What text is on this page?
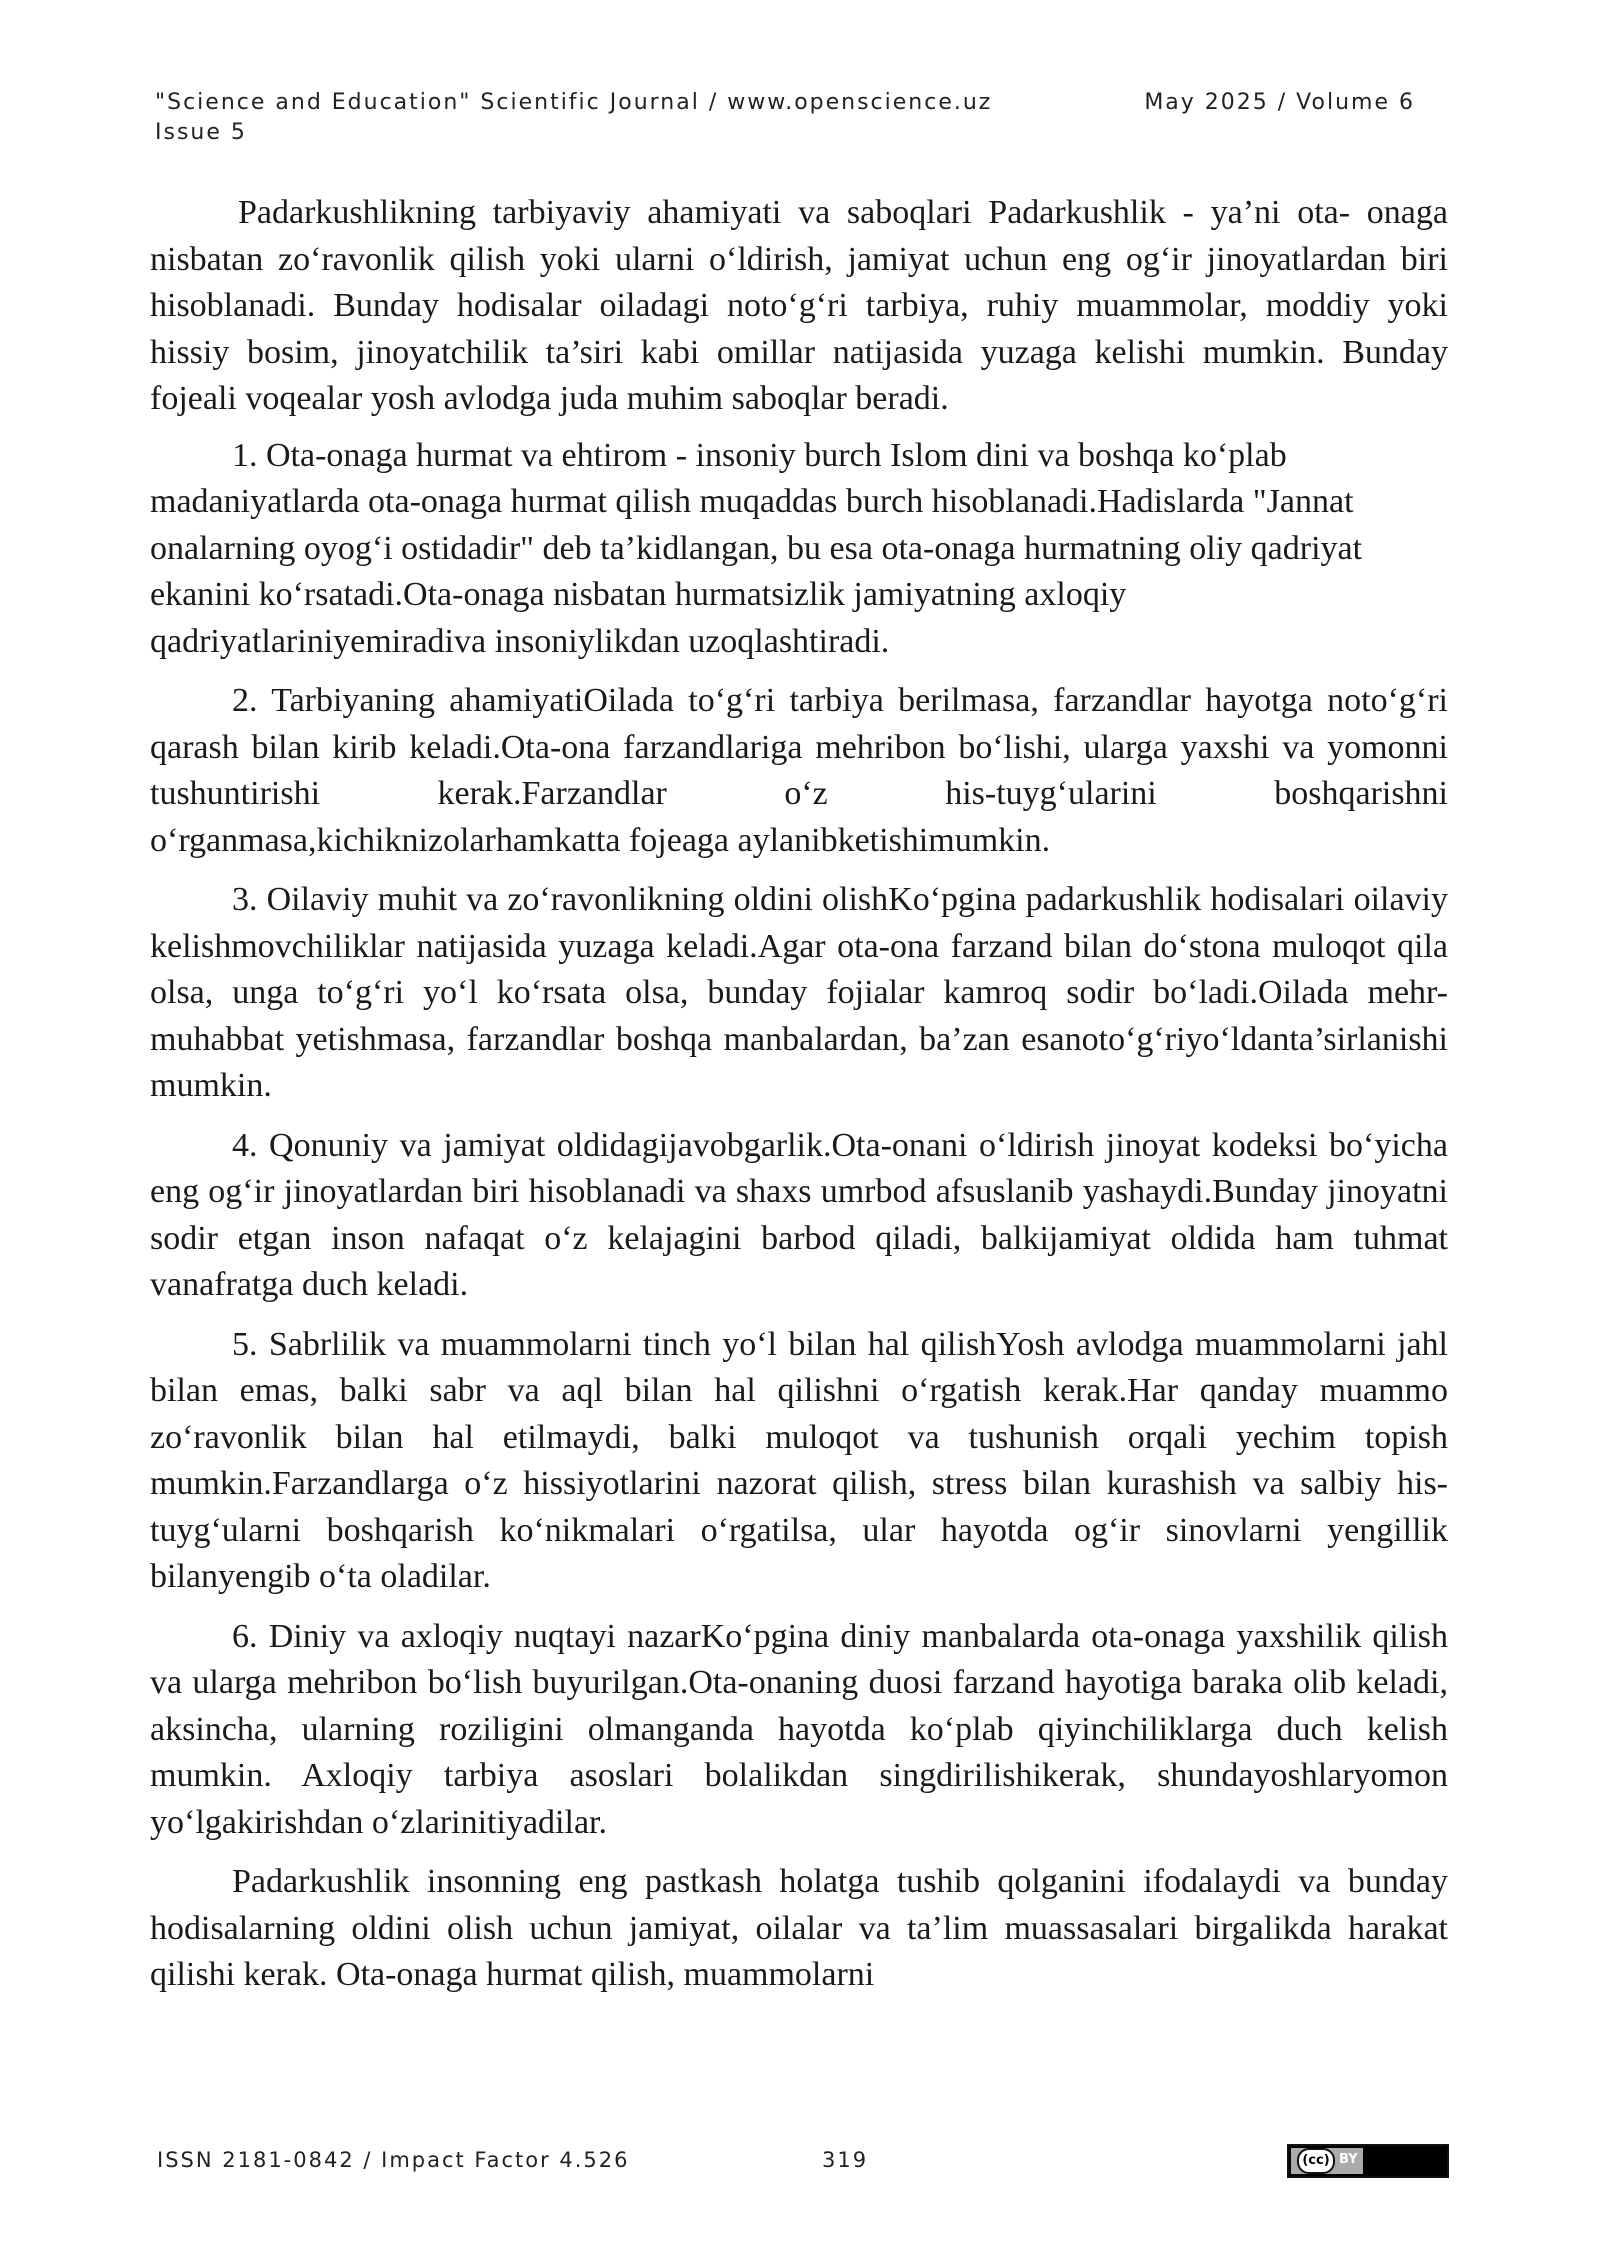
"Science and Education" Scientific Journal / www.openscience.uz	May 2025 / Volume 6
Issue 5

Padarkushlikning tarbiyaviy ahamiyati va saboqlari Padarkushlik - ya’ni ota- onaga nisbatan zo‘ravonlik qilish yoki ularni o‘ldirish, jamiyat uchun eng og‘ir jinoyatlardan biri hisoblanadi. Bunday hodisalar oiladagi noto‘g‘ri tarbiya, ruhiy muammolar, moddiy yoki hissiy bosim, jinoyatchilik ta’siri kabi omillar natijasida yuzaga kelishi mumkin. Bunday fojeali voqealar yosh avlodga juda muhim saboqlar beradi.

1. Ota-onaga hurmat va ehtirom - insoniy burch Islom dini va boshqa ko‘plab madaniyatlarda ota-onaga hurmat qilish muqaddas burch hisoblanadi.Hadislarda "Jannat onalarning oyog‘i ostidadir" deb ta’kidlangan, bu esa ota-onaga hurmatning oliy qadriyat ekanini ko‘rsatadi.Ota-onaga nisbatan hurmatsizlik jamiyatning axloqiy qadriyatlariniyemiradiva insoniylikdan uzoqlashtiradi.

2. Tarbiyaning ahamiyatiOilada to‘g‘ri tarbiya berilmasa, farzandlar hayotga noto‘g‘ri qarash bilan kirib keladi.Ota-ona farzandlariga mehribon bo‘lishi, ularga yaxshi va yomonni tushuntirishi kerak.Farzandlar o‘z his-tuyg‘ularini boshqarishni o‘rganmasa,kichiknizolarhamkatta fojeaga aylanibketishimumkin.

3. Oilaviy muhit va zo‘ravonlikning oldini olishKo‘pgina padarkushlik hodisalari oilaviy kelishmovchiliklar natijasida yuzaga keladi.Agar ota-ona farzand bilan do‘stona muloqot qila olsa, unga to‘g‘ri yo‘l ko‘rsata olsa, bunday fojialar kamroq sodir bo‘ladi.Oilada mehr-muhabbat yetishmasa, farzandlar boshqa manbalardan, ba’zan esanoto‘g‘riyo‘ldanta’sirlanishi mumkin.

4. Qonuniy va jamiyat oldidagijavobgarlik.Ota-onani o‘ldirish jinoyat kodeksi bo‘yicha eng og‘ir jinoyatlardan biri hisoblanadi va shaxs umrbod afsuslanib yashaydi.Bunday jinoyatni sodir etgan inson nafaqat o‘z kelajagini barbod qiladi, balkijamiyat oldida ham tuhmat vanafratga duch keladi.

5. Sabrlilik va muammolarni tinch yo‘l bilan hal qilishYosh avlodga muammolarni jahl bilan emas, balki sabr va aql bilan hal qilishni o‘rgatish kerak.Har qanday muammo zo‘ravonlik bilan hal etilmaydi, balki muloqot va tushunish orqali yechim topish mumkin.Farzandlarga o‘z hissiyotlarini nazorat qilish, stress bilan kurashish va salbiy his-tuyg‘ularni boshqarish ko‘nikmalari o‘rgatilsa, ular hayotda og‘ir sinovlarni yengillik bilanyengib o‘ta oladilar.

6. Diniy va axloqiy nuqtayi nazarKo‘pgina diniy manbalarda ota-onaga yaxshilik qilish va ularga mehribon bo‘lish buyurilgan.Ota-onaning duosi farzand hayotiga baraka olib keladi, aksincha, ularning roziligini olmanganda hayotda ko‘plab qiyinchiliklarga duch kelish mumkin. Axloqiy tarbiya asoslari bolalikdan singdirilishikerak, shundayoshlaryomon yo‘lgakirishdan o‘zlarinitiyadilar.

Padarkushlik insonning eng pastkash holatga tushib qolganini ifodalaydi va bunday hodisalarning oldini olish uchun jamiyat, oilalar va ta’lim muassasalari birgalikda harakat qilishi kerak. Ota-onaga hurmat qilish, muammolarni

ISSN 2181-0842 / Impact Factor 4.526	319	(cc) BY
